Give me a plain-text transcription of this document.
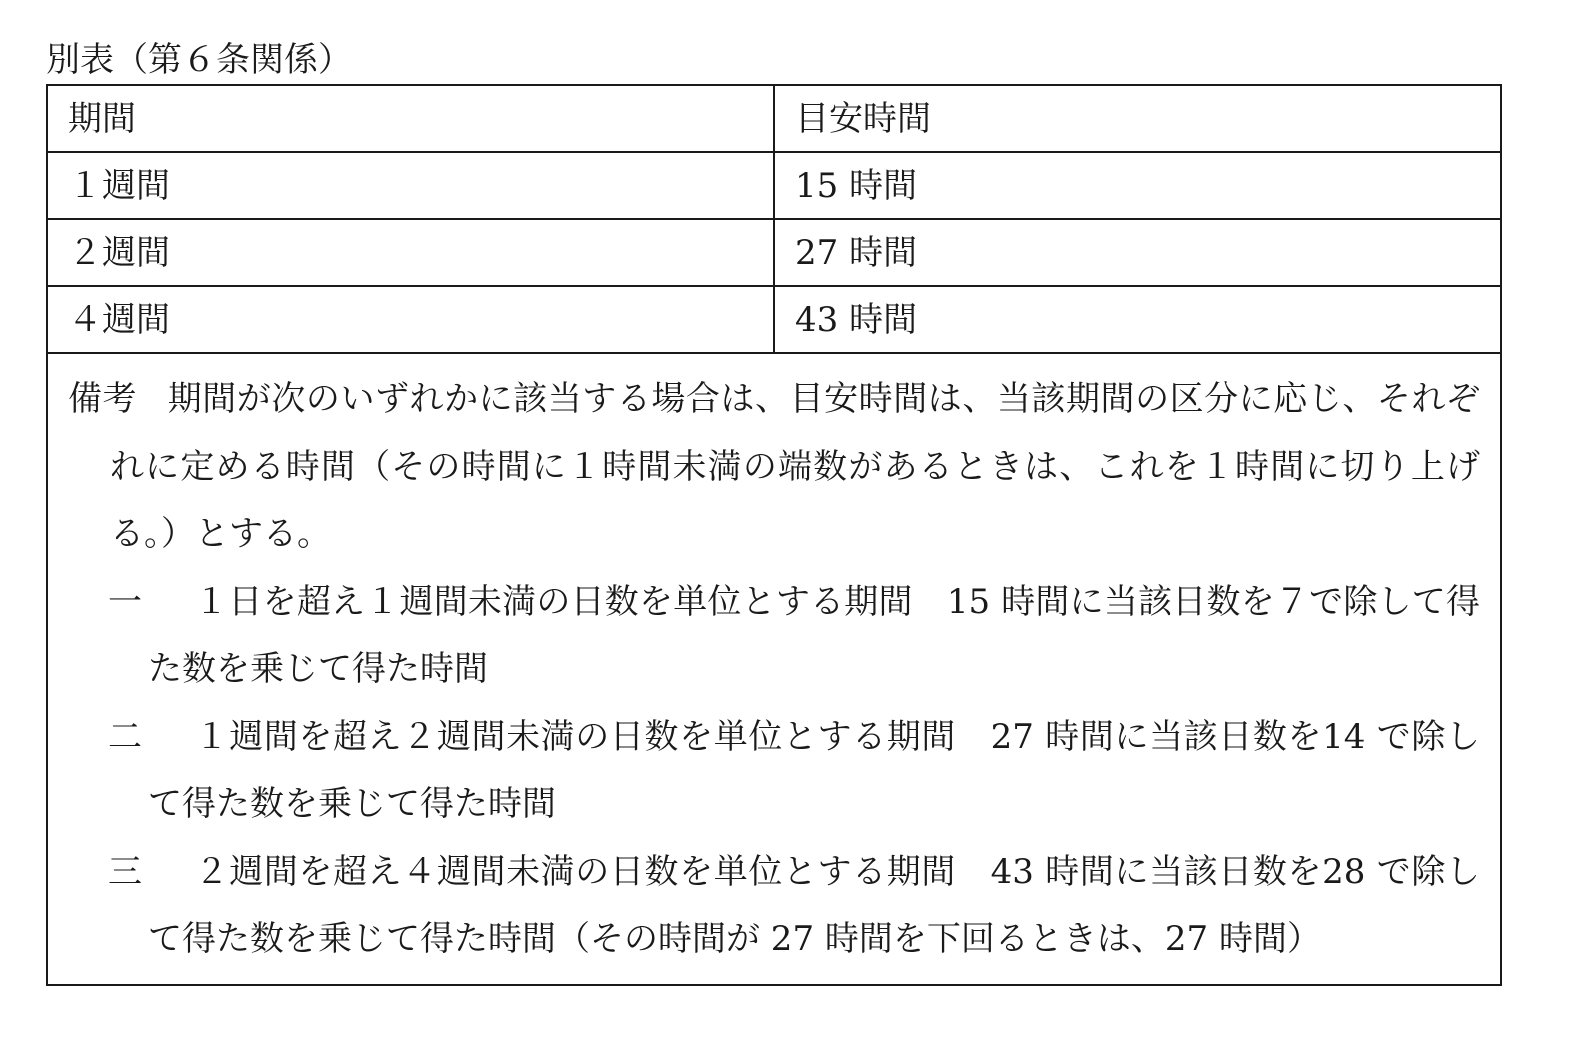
別表（第６条関係）
期間	目安時間
１週間	15 時間
２週間	27 時間
４週間	43 時間

備考 期間が次のいずれかに該当する場合は、目安時間は、当該期間の区分に応じ、それぞれに定める時間（その時間に１時間未満の端数があるときは、これを１時間に切り上げる。）とする。
一 １日を超え１週間未満の日数を単位とする期間　15 時間に当該日数を７で除して得た数を乗じて得た時間
二 １週間を超え２週間未満の日数を単位とする期間　27 時間に当該日数を14 で除して得た数を乗じて得た時間
三 ２週間を超え４週間未満の日数を単位とする期間　43 時間に当該日数を28 で除して得た数を乗じて得た時間（その時間が 27 時間を下回るときは、27 時間）	
